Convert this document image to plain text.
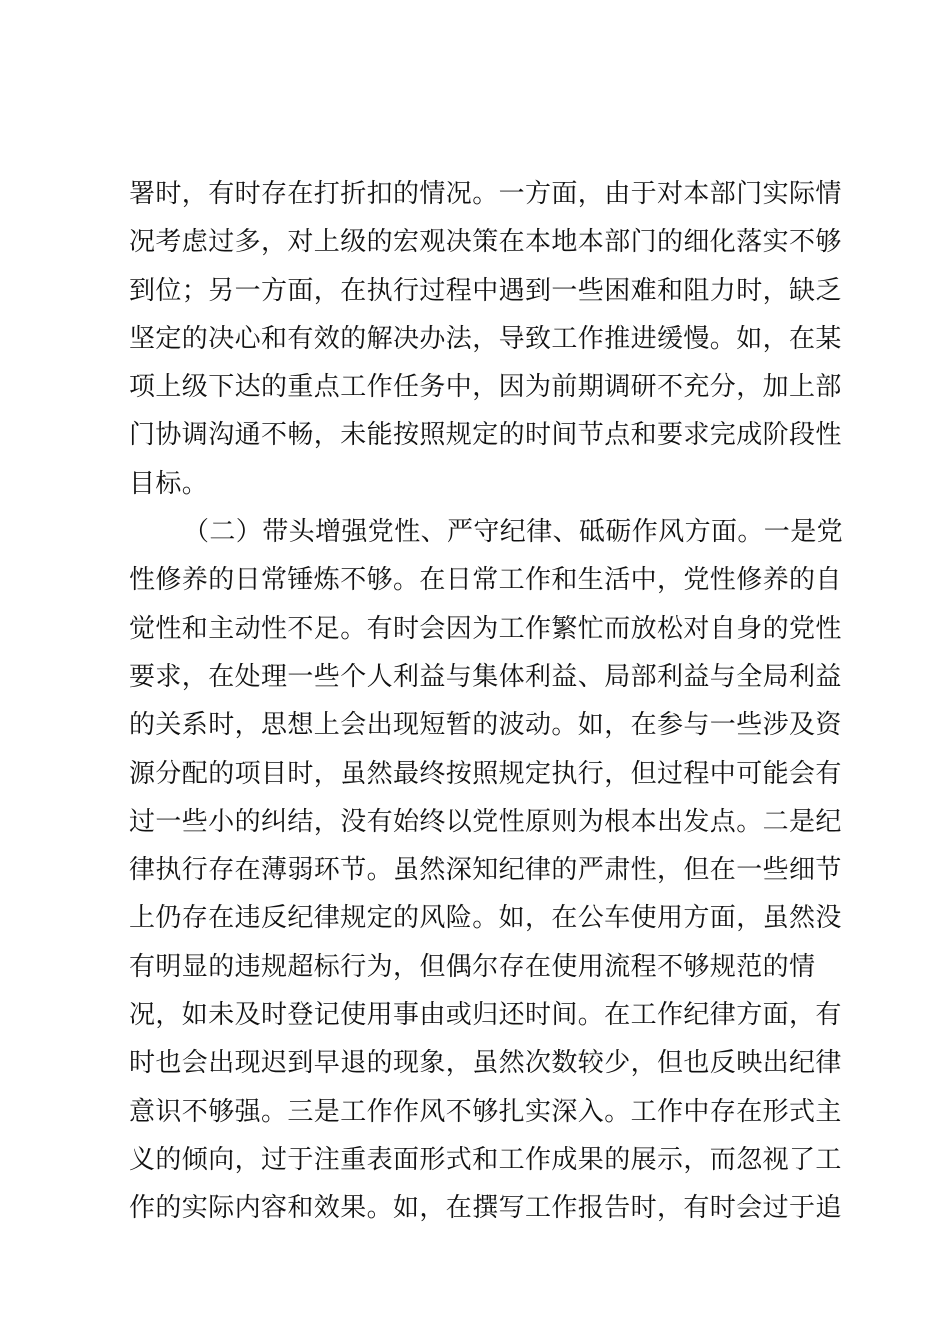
署时，有时存在打折扣的情况。一方面，由于对本部门实际情
况考虑过多，对上级的宏观决策在本地本部门的细化落实不够
到位；另一方面，在执行过程中遇到一些困难和阻力时，缺乏
坚定的决心和有效的解决办法，导致工作推进缓慢。如，在某
项上级下达的重点工作任务中，因为前期调研不充分，加上部
门协调沟通不畅，未能按照规定的时间节点和要求完成阶段性
目标。
（二）带头增强党性、严守纪律、砥砺作风方面。一是党
性修养的日常锤炼不够。在日常工作和生活中，党性修养的自
觉性和主动性不足。有时会因为工作繁忙而放松对自身的党性
要求，在处理一些个人利益与集体利益、局部利益与全局利益
的关系时，思想上会出现短暂的波动。如，在参与一些涉及资
源分配的项目时，虽然最终按照规定执行，但过程中可能会有
过一些小的纠结，没有始终以党性原则为根本出发点。二是纪
律执行存在薄弱环节。虽然深知纪律的严肃性，但在一些细节
上仍存在违反纪律规定的风险。如，在公车使用方面，虽然没
有明显的违规超标行为，但偶尔存在使用流程不够规范的情
况，如未及时登记使用事由或归还时间。在工作纪律方面，有
时也会出现迟到早退的现象，虽然次数较少，但也反映出纪律
意识不够强。三是工作作风不够扎实深入。工作中存在形式主
义的倾向，过于注重表面形式和工作成果的展示，而忽视了工
作的实际内容和效果。如，在撰写工作报告时，有时会过于追
